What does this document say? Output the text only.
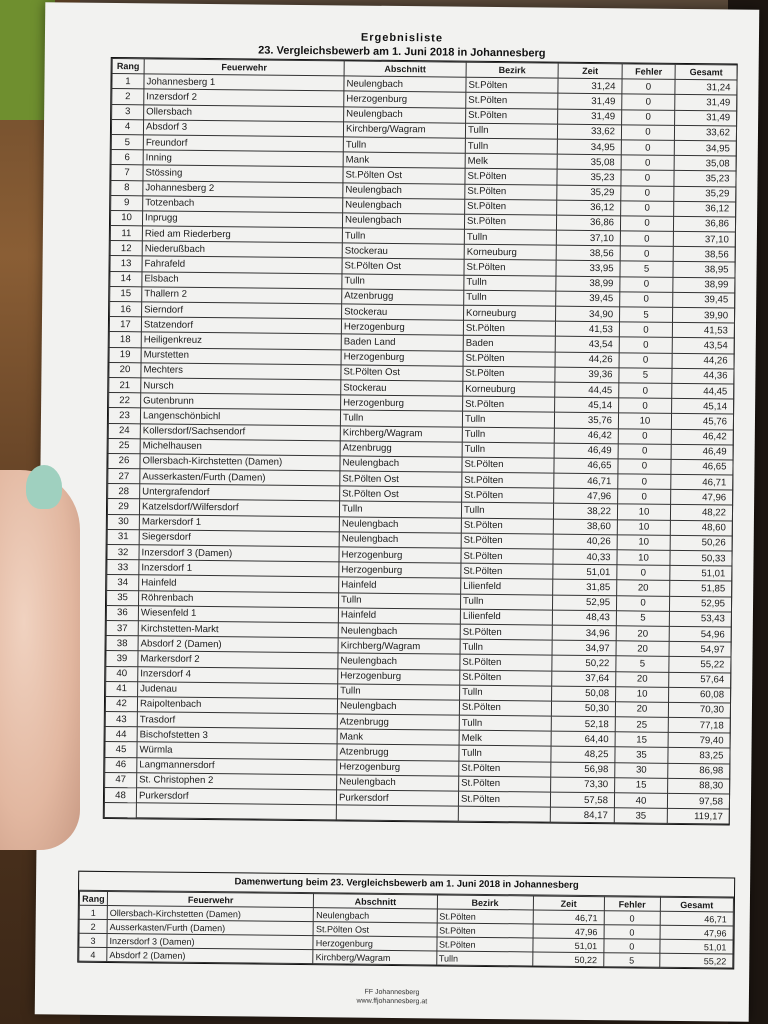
Ergebnisliste
23. Vergleichsbewerb am 1. Juni 2018 in Johannesberg
Rang	Feuerwehr	Abschnitt	Bezirk	Zeit	Fehler	Gesamt
1	Johannesberg 1	Neulengbach	St.Pölten	31,24	0	31,24
2	Inzersdorf 2	Herzogenburg	St.Pölten	31,49	0	31,49
3	Ollersbach	Neulengbach	St.Pölten	31,49	0	31,49
4	Absdorf 3	Kirchberg/Wagram	Tulln	33,62	0	33,62
5	Freundorf	Tulln	Tulln	34,95	0	34,95
6	Inning	Mank	Melk	35,08	0	35,08
7	Stössing	St.Pölten Ost	St.Pölten	35,23	0	35,23
8	Johannesberg 2	Neulengbach	St.Pölten	35,29	0	35,29
9	Totzenbach	Neulengbach	St.Pölten	36,12	0	36,12
10	Inprugg	Neulengbach	St.Pölten	36,86	0	36,86
11	Ried am Riederberg	Tulln	Tulln	37,10	0	37,10
12	Niederußbach	Stockerau	Korneuburg	38,56	0	38,56
13	Fahrafeld	St.Pölten Ost	St.Pölten	33,95	5	38,95
14	Elsbach	Tulln	Tulln	38,99	0	38,99
15	Thallern 2	Atzenbrugg	Tulln	39,45	0	39,45
16	Sierndorf	Stockerau	Korneuburg	34,90	5	39,90
17	Statzendorf	Herzogenburg	St.Pölten	41,53	0	41,53
18	Heiligenkreuz	Baden Land	Baden	43,54	0	43,54
19	Murstetten	Herzogenburg	St.Pölten	44,26	0	44,26
20	Mechters	St.Pölten Ost	St.Pölten	39,36	5	44,36
21	Nursch	Stockerau	Korneuburg	44,45	0	44,45
22	Gutenbrunn	Herzogenburg	St.Pölten	45,14	0	45,14
23	Langenschönbichl	Tulln	Tulln	35,76	10	45,76
24	Kollersdorf/Sachsendorf	Kirchberg/Wagram	Tulln	46,42	0	46,42
25	Michelhausen	Atzenbrugg	Tulln	46,49	0	46,49
26	Ollersbach-Kirchstetten (Damen)	Neulengbach	St.Pölten	46,65	0	46,65
27	Ausserkasten/Furth (Damen)	St.Pölten Ost	St.Pölten	46,71	0	46,71
28	Untergrafendorf	St.Pölten Ost	St.Pölten	47,96	0	47,96
29	Katzelsdorf/Wilfersdorf	Tulln	Tulln	38,22	10	48,22
30	Markersdorf 1	Neulengbach	St.Pölten	38,60	10	48,60
31	Siegersdorf	Neulengbach	St.Pölten	40,26	10	50,26
32	Inzersdorf 3 (Damen)	Herzogenburg	St.Pölten	40,33	10	50,33
33	Inzersdorf 1	Herzogenburg	St.Pölten	51,01	0	51,01
34	Hainfeld	Hainfeld	Lilienfeld	31,85	20	51,85
35	Röhrenbach	Tulln	Tulln	52,95	0	52,95
36	Wiesenfeld 1	Hainfeld	Lilienfeld	48,43	5	53,43
37	Kirchstetten-Markt	Neulengbach	St.Pölten	34,96	20	54,96
38	Absdorf 2 (Damen)	Kirchberg/Wagram	Tulln	34,97	20	54,97
39	Markersdorf 2	Neulengbach	St.Pölten	50,22	5	55,22
40	Inzersdorf 4	Herzogenburg	St.Pölten	37,64	20	57,64
41	Judenau	Tulln	Tulln	50,08	10	60,08
42	Raipoltenbach	Neulengbach	St.Pölten	50,30	20	70,30
43	Trasdorf	Atzenbrugg	Tulln	52,18	25	77,18
44	Bischofstetten 3	Mank	Melk	64,40	15	79,40
45	Würmla	Atzenbrugg	Tulln	48,25	35	83,25
46	Langmannersdorf	Herzogenburg	St.Pölten	56,98	30	86,98
47	St. Christophen 2	Neulengbach	St.Pölten	73,30	15	88,30
48	Purkersdorf	Purkersdorf	St.Pölten	57,58	40	97,58
				84,17	35	119,17
Damenwertung beim 23. Vergleichsbewerb am 1. Juni 2018 in Johannesberg
Rang	Feuerwehr	Abschnitt	Bezirk	Zeit	Fehler	Gesamt
1	Ollersbach-Kirchstetten (Damen)	Neulengbach	St.Pölten	46,71	0	46,71
2	Ausserkasten/Furth (Damen)	St.Pölten Ost	St.Pölten	47,96	0	47,96
3	Inzersdorf 3 (Damen)	Herzogenburg	St.Pölten	51,01	0	51,01
4	Absdorf 2 (Damen)	Kirchberg/Wagram	Tulln	50,22	5	55,22
FF Johannesberg
www.ffjohannesberg.at
